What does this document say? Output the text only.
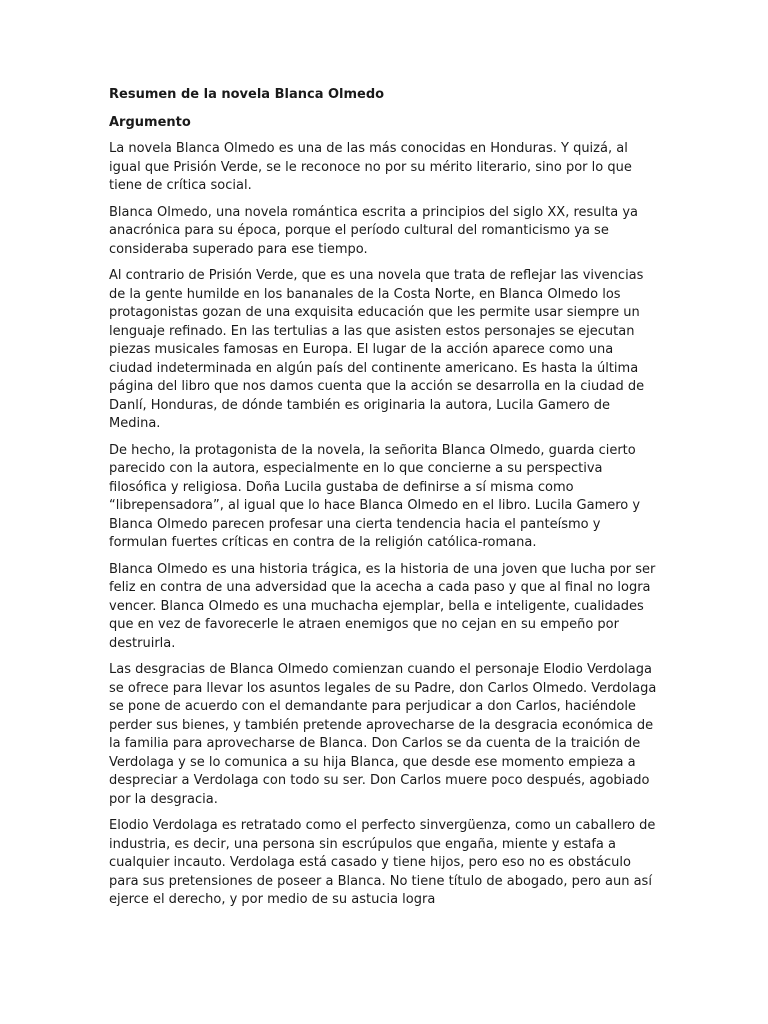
Resumen de la novela Blanca Olmedo
Argumento

La novela Blanca Olmedo es una de las más conocidas en Honduras. Y quizá, al igual que Prisión Verde, se le reconoce no por su mérito literario, sino por lo que tiene de crítica social.

Blanca Olmedo, una novela romántica escrita a principios del siglo XX, resulta ya anacrónica para su época, porque el período cultural del romanticismo ya se consideraba superado para ese tiempo.

Al contrario de Prisión Verde, que es una novela que trata de reflejar las vivencias de la gente humilde en los bananales de la Costa Norte, en Blanca Olmedo los protagonistas gozan de una exquisita educación que les permite usar siempre un lenguaje refinado. En las tertulias a las que asisten estos personajes se ejecutan piezas musicales famosas en Europa. El lugar de la acción aparece como una ciudad indeterminada en algún país del continente americano. Es hasta la última página del libro que nos damos cuenta que la acción se desarrolla en la ciudad de Danlí, Honduras, de dónde también es originaria la autora, Lucila Gamero de Medina.

De hecho, la protagonista de la novela, la señorita Blanca Olmedo, guarda cierto parecido con la autora, especialmente en lo que concierne a su perspectiva filosófica y religiosa. Doña Lucila gustaba de definirse a sí misma como “librepensadora”, al igual que lo hace Blanca Olmedo en el libro. Lucila Gamero y Blanca Olmedo parecen profesar una cierta tendencia hacia el panteísmo y formulan fuertes críticas en contra de la religión católica-romana.

Blanca Olmedo es una historia trágica, es la historia de una joven que lucha por ser feliz en contra de una adversidad que la acecha a cada paso y que al final no logra vencer. Blanca Olmedo es una muchacha ejemplar, bella e inteligente, cualidades que en vez de favorecerle le atraen enemigos que no cejan en su empeño por destruirla.

Las desgracias de Blanca Olmedo comienzan cuando el personaje Elodio Verdolaga se ofrece para llevar los asuntos legales de su Padre, don Carlos Olmedo. Verdolaga se pone de acuerdo con el demandante para perjudicar a don Carlos, haciéndole perder sus bienes, y también pretende aprovecharse de la desgracia económica de la familia para aprovecharse de Blanca. Don Carlos se da cuenta de la traición de Verdolaga y se lo comunica a su hija Blanca, que desde ese momento empieza a despreciar a Verdolaga con todo su ser. Don Carlos muere poco después, agobiado por la desgracia.

Elodio Verdolaga es retratado como el perfecto sinvergüenza, como un caballero de industria, es decir, una persona sin escrúpulos que engaña, miente y estafa a cualquier incauto. Verdolaga está casado y tiene hijos, pero eso no es obstáculo para sus pretensiones de poseer a Blanca. No tiene título de abogado, pero aun así ejerce el derecho, y por medio de su astucia logra
